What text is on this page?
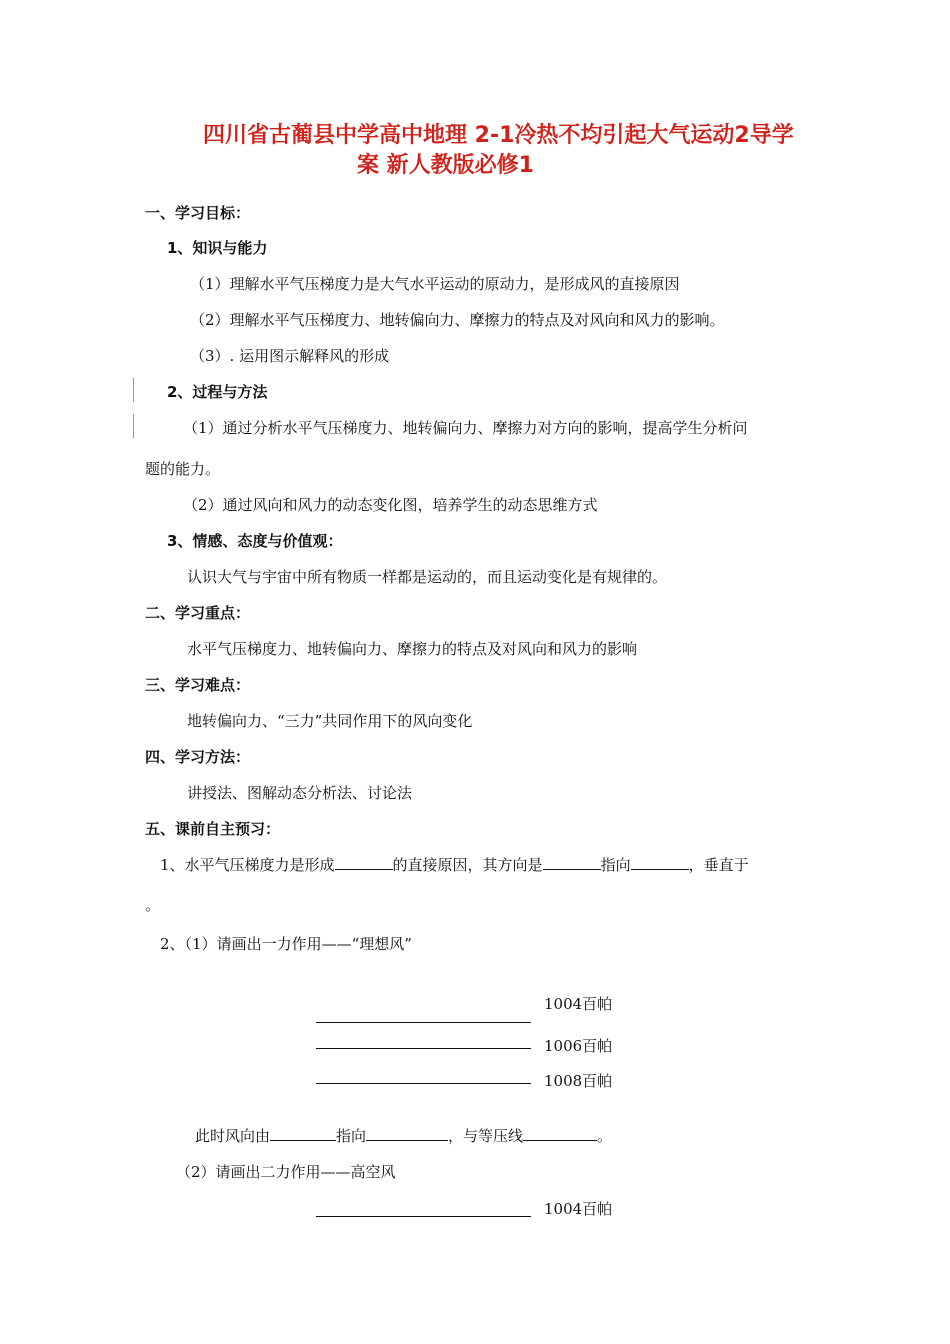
四川省古蔺县中学高中地理 2-1冷热不均引起大气运动2导学
案 新人教版必修1
一、学习目标：
1、知识与能力
（1）理解水平气压梯度力是大气水平运动的原动力，是形成风的直接原因
（2）理解水平气压梯度力、地转偏向力、摩擦力的特点及对风向和风力的影响。
（3）. 运用图示解释风的形成
2、过程与方法
（1）通过分析水平气压梯度力、地转偏向力、摩擦力对方向的影响，提高学生分析问
题的能力。
（2）通过风向和风力的动态变化图，培养学生的动态思维方式
3、情感、态度与价值观：
认识大气与宇宙中所有物质一样都是运动的，而且运动变化是有规律的。
二、学习重点：
水平气压梯度力、地转偏向力、摩擦力的特点及对风向和风力的影响
三、学习难点：
地转偏向力、“三力”共同作用下的风向变化
四、学习方法：
讲授法、图解动态分析法、讨论法
五、课前自主预习：
1、水平气压梯度力是形成	的直接原因，其方向是	指向	，垂直于
。
2、（1）请画出一力作用——“理想风”
1004百帕
1006百帕
1008百帕
此时风向由	指向	，与等压线	。
（2）请画出二力作用——高空风
1004百帕
